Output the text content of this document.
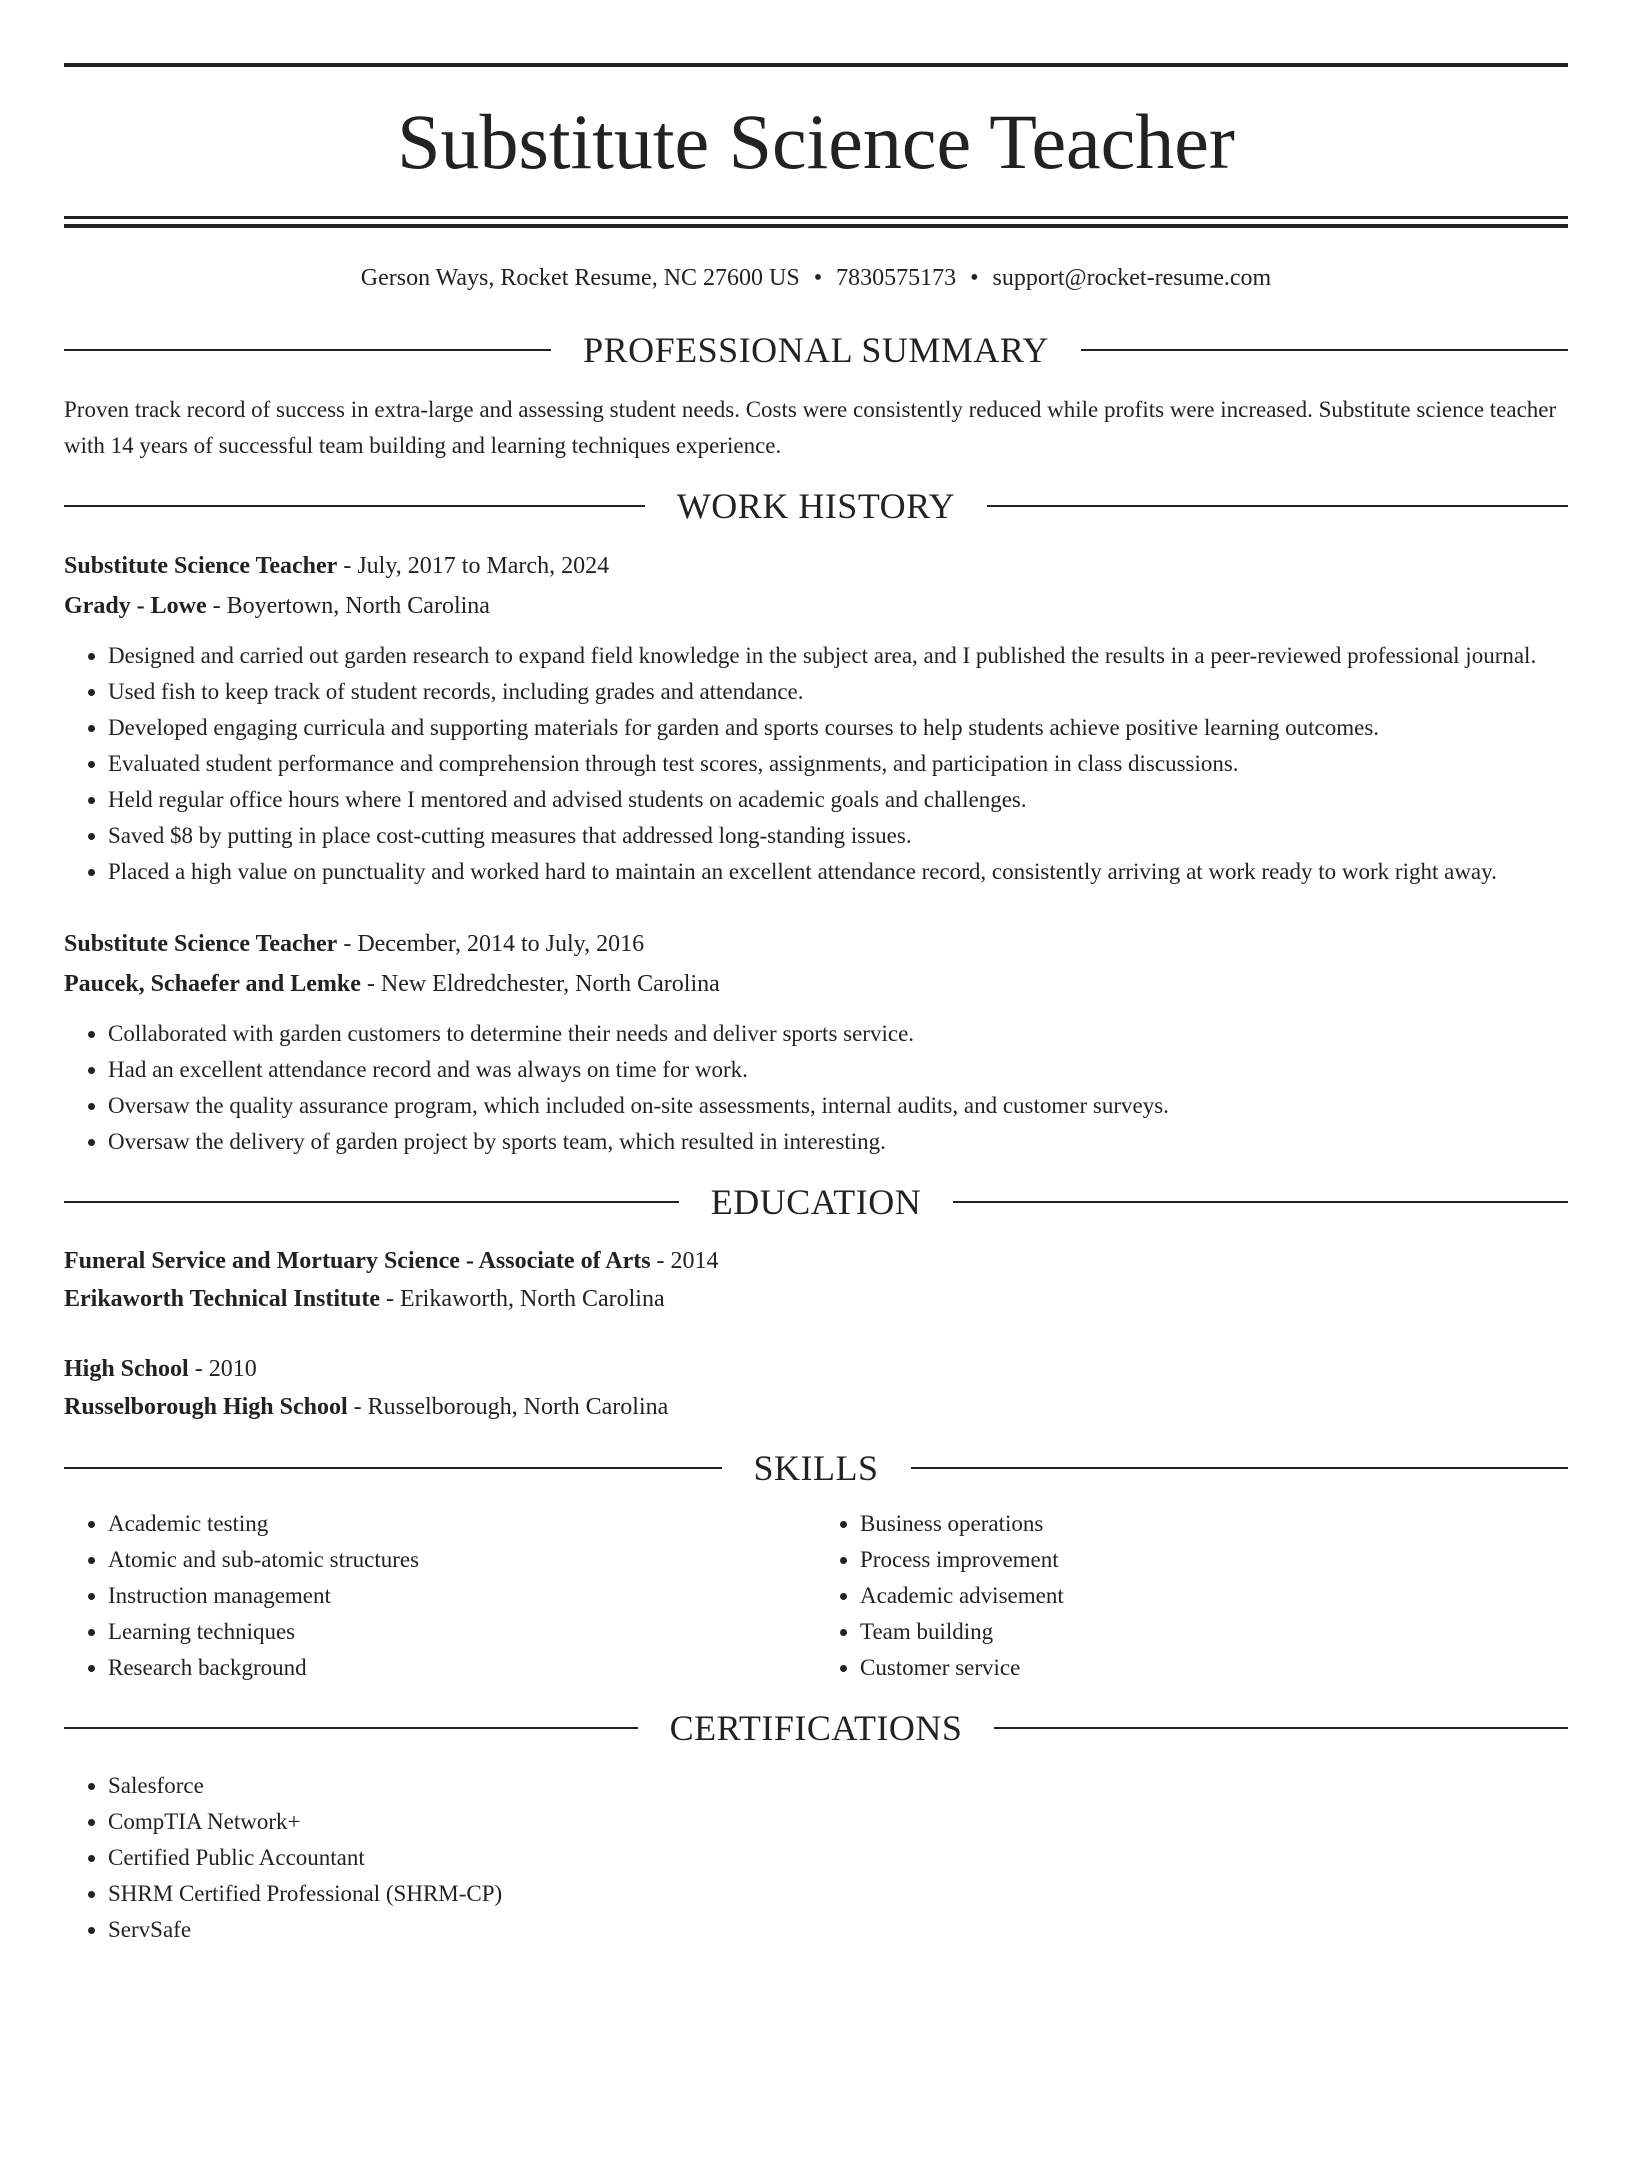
Substitute Science Teacher
Gerson Ways, Rocket Resume, NC 27600 US • 7830575173 • support@rocket-resume.com
PROFESSIONAL SUMMARY
Proven track record of success in extra-large and assessing student needs. Costs were consistently reduced while profits were increased. Substitute science teacher with 14 years of successful team building and learning techniques experience.
WORK HISTORY
Substitute Science Teacher - July, 2017 to March, 2024
Grady - Lowe - Boyertown, North Carolina
• Designed and carried out garden research to expand field knowledge in the subject area, and I published the results in a peer-reviewed professional journal.
• Used fish to keep track of student records, including grades and attendance.
• Developed engaging curricula and supporting materials for garden and sports courses to help students achieve positive learning outcomes.
• Evaluated student performance and comprehension through test scores, assignments, and participation in class discussions.
• Held regular office hours where I mentored and advised students on academic goals and challenges.
• Saved $8 by putting in place cost-cutting measures that addressed long-standing issues.
• Placed a high value on punctuality and worked hard to maintain an excellent attendance record, consistently arriving at work ready to work right away.
Substitute Science Teacher - December, 2014 to July, 2016
Paucek, Schaefer and Lemke - New Eldredchester, North Carolina
• Collaborated with garden customers to determine their needs and deliver sports service.
• Had an excellent attendance record and was always on time for work.
• Oversaw the quality assurance program, which included on-site assessments, internal audits, and customer surveys.
• Oversaw the delivery of garden project by sports team, which resulted in interesting.
EDUCATION
Funeral Service and Mortuary Science - Associate of Arts - 2014
Erikaworth Technical Institute - Erikaworth, North Carolina
High School - 2010
Russelborough High School - Russelborough, North Carolina
SKILLS
• Academic testing
• Atomic and sub-atomic structures
• Instruction management
• Learning techniques
• Research background
• Business operations
• Process improvement
• Academic advisement
• Team building
• Customer service
CERTIFICATIONS
• Salesforce
• CompTIA Network+
• Certified Public Accountant
• SHRM Certified Professional (SHRM-CP)
• ServSafe
